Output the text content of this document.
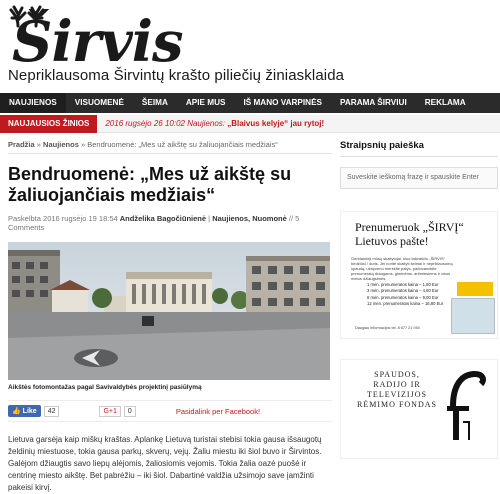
Širvis
Nepriklausoma Širvintų krašto piliečių žiniasklaida
NAUJIENOS	VISUOMENĖ	ŠEIMA	APIE MUS	IŠ MANO VARPINĖS	PARAMA ŠIRVIUI	REKLAMA
NAUJAUSIOS ŽINIOS	2016 rugsėjo 26 10:02 Naujienos: „Blaivus kelyje“ jau rytoj!
Pradžia » Naujienos » Bendruomenė: „Mes už aikštę su žaliuojančiais medžiais“
Bendruomenė: „Mes už aikštę su žaliuojančiais medžiais“
Paskelbta 2016 rugsėjo 19 18:54 Andželika Bagočiūnienė | Naujienos, Nuomonė // 5 Comments
Aikštės fotomontažas pagal Savivaldybės projektinį pasiūlymą
👍 Like	42	G+1	0	Pasidalink per Facebook!

Lietuva garsėja kaip miškų kraštas. Aplankę Lietuvą turistai stebisi tokia gausa išsaugotų želdinių miestuose, tokia gausa parkų, skverų, vejų. Žaliu miestu iki šiol buvo ir Širvintos. Galėjom džiaugtis savo liepų alėjomis, žaliosiomis vejomis. Tokia žalia oazė puošė ir centrinę miesto aikštę. Bet pabrėžiu – iki šiol. Dabartinė valdžia užsimojo save įamžinti pakeisi kirvį.

Straipsnių paieška
Suveskite ieškomą frazę ir spauskite Enter
Prenumeruok „ŠIRVĮ“ Lietuvos pašte!
Gerbiamieji mūsų skaitytojai, šiuo laikraščiu „ŠIRVIS“ bedžiūsi / duris. Jei norite skaityti šeimai ir nepriklausomą spaudą, užsiprenu merskite patys, padovanokite prenumeratą draugams, giminėms, artimiesiems ir visus metus džiaugsimės.
1 mėn. prenumeratos kaina – 1,80 Eur
3 mėn. prenumeratos kaina – 4,60 Eur
6 mėn. prenumeratos kaina – 9,00 Eur
12 mėn. prenumeratos kaina – 16,80 Eur
Daugiau informacijos tel. 8 677 21 050
SPAUDOS, RADIJO IR TELEVIZIJOS RĖMIMO FONDAS
